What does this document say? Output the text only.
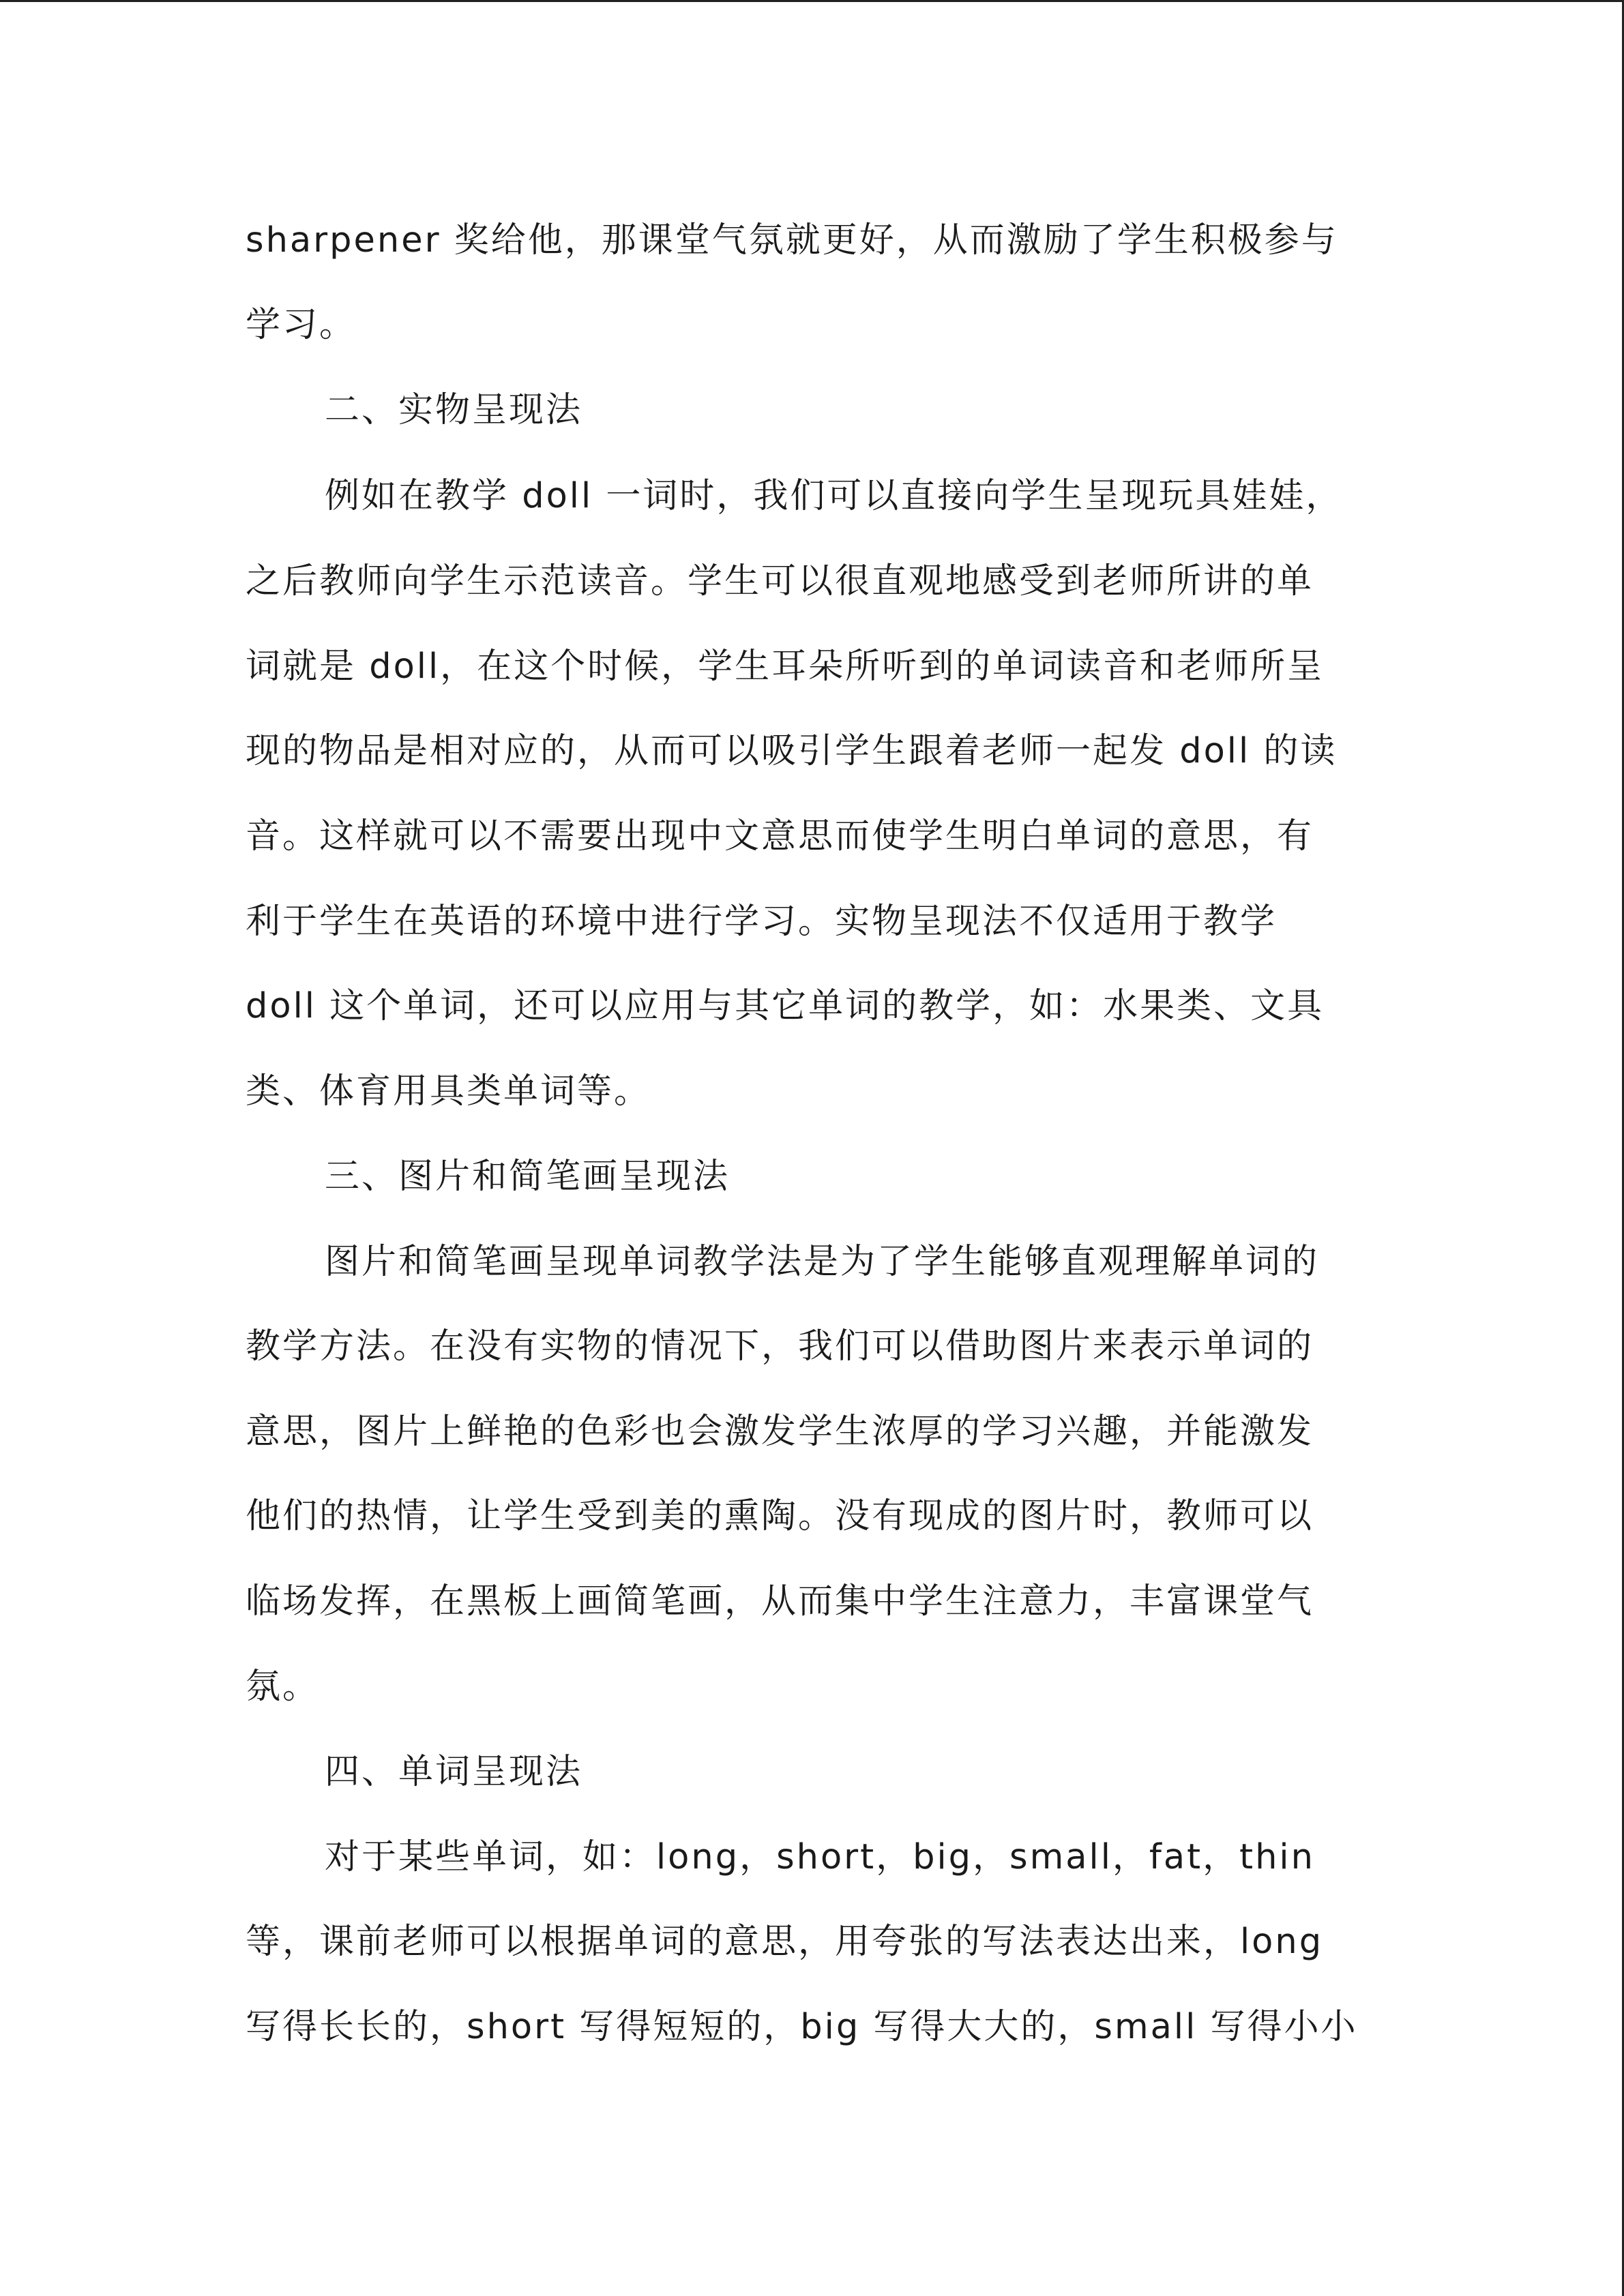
sharpener 奖给他，那课堂气氛就更好，从而激励了学生积极参与
学习。
二、实物呈现法
例如在教学 doll 一词时，我们可以直接向学生呈现玩具娃娃，
之后教师向学生示范读音。学生可以很直观地感受到老师所讲的单
词就是 doll，在这个时候，学生耳朵所听到的单词读音和老师所呈
现的物品是相对应的，从而可以吸引学生跟着老师一起发 doll 的读
音。这样就可以不需要出现中文意思而使学生明白单词的意思，有
利于学生在英语的环境中进行学习。实物呈现法不仅适用于教学
doll 这个单词，还可以应用与其它单词的教学，如：水果类、文具
类、体育用具类单词等。
三、图片和简笔画呈现法
图片和简笔画呈现单词教学法是为了学生能够直观理解单词的
教学方法。在没有实物的情况下，我们可以借助图片来表示单词的
意思，图片上鲜艳的色彩也会激发学生浓厚的学习兴趣，并能激发
他们的热情，让学生受到美的熏陶。没有现成的图片时，教师可以
临场发挥，在黑板上画简笔画，从而集中学生注意力，丰富课堂气
氛。
四、单词呈现法
对于某些单词，如：long，short，big，small，fat，thin
等，课前老师可以根据单词的意思，用夸张的写法表达出来，long
写得长长的，short 写得短短的，big 写得大大的，small 写得小小
